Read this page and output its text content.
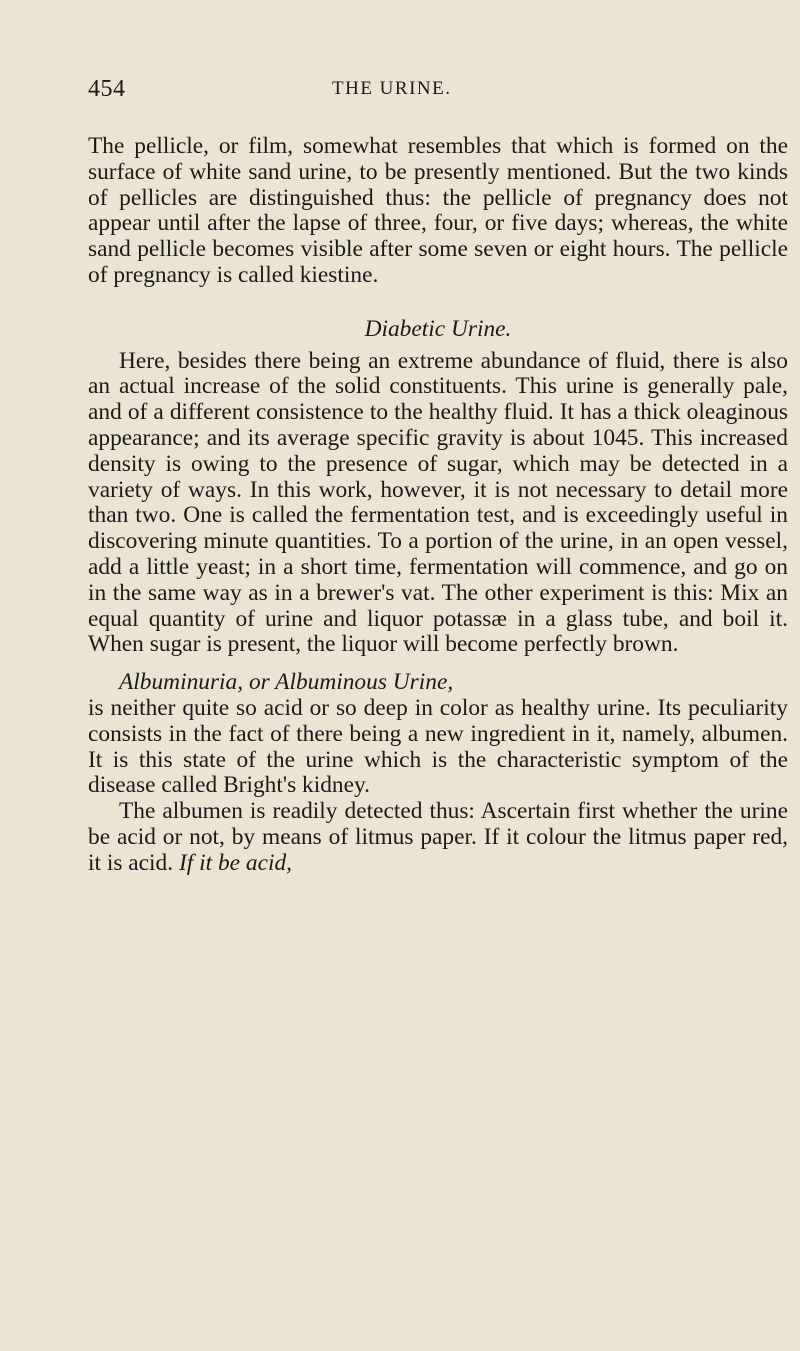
454	THE URINE.

The pellicle, or film, somewhat resembles that which is formed on the surface of white sand urine, to be presently mentioned. But the two kinds of pellicles are distinguished thus: the pellicle of pregnancy does not appear until after the lapse of three, four, or five days; whereas, the white sand pellicle becomes visible after some seven or eight hours. The pellicle of pregnancy is called kiestine.

Diabetic Urine.

Here, besides there being an extreme abundance of fluid, there is also an actual increase of the solid constituents. This urine is generally pale, and of a different consistence to the healthy fluid. It has a thick oleaginous appearance; and its average specific gravity is about 1045. This increased density is owing to the presence of sugar, which may be detected in a variety of ways. In this work, however, it is not necessary to detail more than two. One is called the fermentation test, and is exceedingly useful in discovering minute quantities. To a portion of the urine, in an open vessel, add a little yeast; in a short time, fermentation will commence, and go on in the same way as in a brewer's vat. The other experiment is this: Mix an equal quantity of urine and liquor potassæ in a glass tube, and boil it. When sugar is present, the liquor will become perfectly brown.

Albuminuria, or Albuminous Urine,

is neither quite so acid or so deep in color as healthy urine. Its peculiarity consists in the fact of there being a new ingredient in it, namely, albumen. It is this state of the urine which is the characteristic symptom of the disease called Bright's kidney.

The albumen is readily detected thus: Ascertain first whether the urine be acid or not, by means of litmus paper. If it colour the litmus paper red, it is acid. If it be acid,
